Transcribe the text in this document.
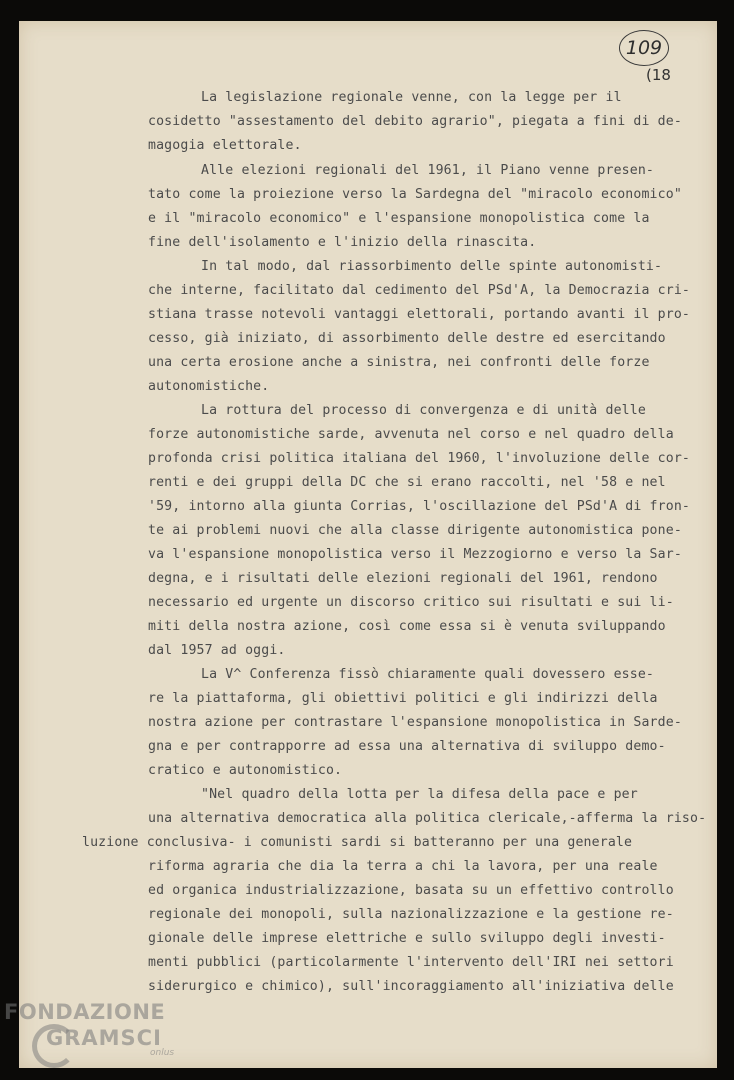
109
(18
La legislazione regionale venne, con la legge per il
cosidetto "assestamento del debito agrario", piegata a fini di de-
magogia elettorale.
Alle elezioni regionali del 1961, il Piano venne presen-
tato come la proiezione verso la Sardegna del "miracolo economico"
e il "miracolo economico" e l'espansione monopolistica come la
fine dell'isolamento e l'inizio della rinascita.
In tal modo, dal riassorbimento delle spinte autonomisti-
che interne, facilitato dal cedimento del PSd'A, la Democrazia cri-
stiana trasse notevoli vantaggi elettorali, portando avanti il pro-
cesso, già iniziato, di assorbimento delle destre ed esercitando
una certa erosione anche a sinistra, nei confronti delle forze
autonomistiche.
La rottura del processo di convergenza e di unità delle
forze autonomistiche sarde, avvenuta nel corso e nel quadro della
profonda crisi politica italiana del 1960, l'involuzione delle cor-
renti e dei gruppi della DC che si erano raccolti, nel '58 e nel
'59, intorno alla giunta Corrias, l'oscillazione del PSd'A di fron-
te ai problemi nuovi che alla classe dirigente autonomistica pone-
va l'espansione monopolistica verso il Mezzogiorno e verso la Sar-
degna, e i risultati delle elezioni regionali del 1961, rendono
necessario ed urgente un discorso critico sui risultati e sui li-
miti della nostra azione, così come essa si è venuta sviluppando
dal 1957 ad oggi.
La V^ Conferenza fissò chiaramente quali dovessero esse-
re la piattaforma, gli obiettivi politici e gli indirizzi della
nostra azione per contrastare l'espansione monopolistica in Sarde-
gna e per contrapporre ad essa una alternativa di sviluppo demo-
cratico e autonomistico.
"Nel quadro della lotta per la difesa della pace e per
una alternativa democratica alla politica clericale,-afferma la riso-
luzione conclusiva- i comunisti sardi si batteranno per una generale
riforma agraria che dia la terra a chi la lavora, per una reale
ed organica industrializzazione, basata su un effettivo controllo
regionale dei monopoli, sulla nazionalizzazione e la gestione re-
gionale delle imprese elettriche e sullo sviluppo degli investi-
menti pubblici (particolarmente l'intervento dell'IRI nei settori
siderurgico e chimico), sull'incoraggiamento all'iniziativa delle
FONDAZIONE
GRAMSCI
onlus
